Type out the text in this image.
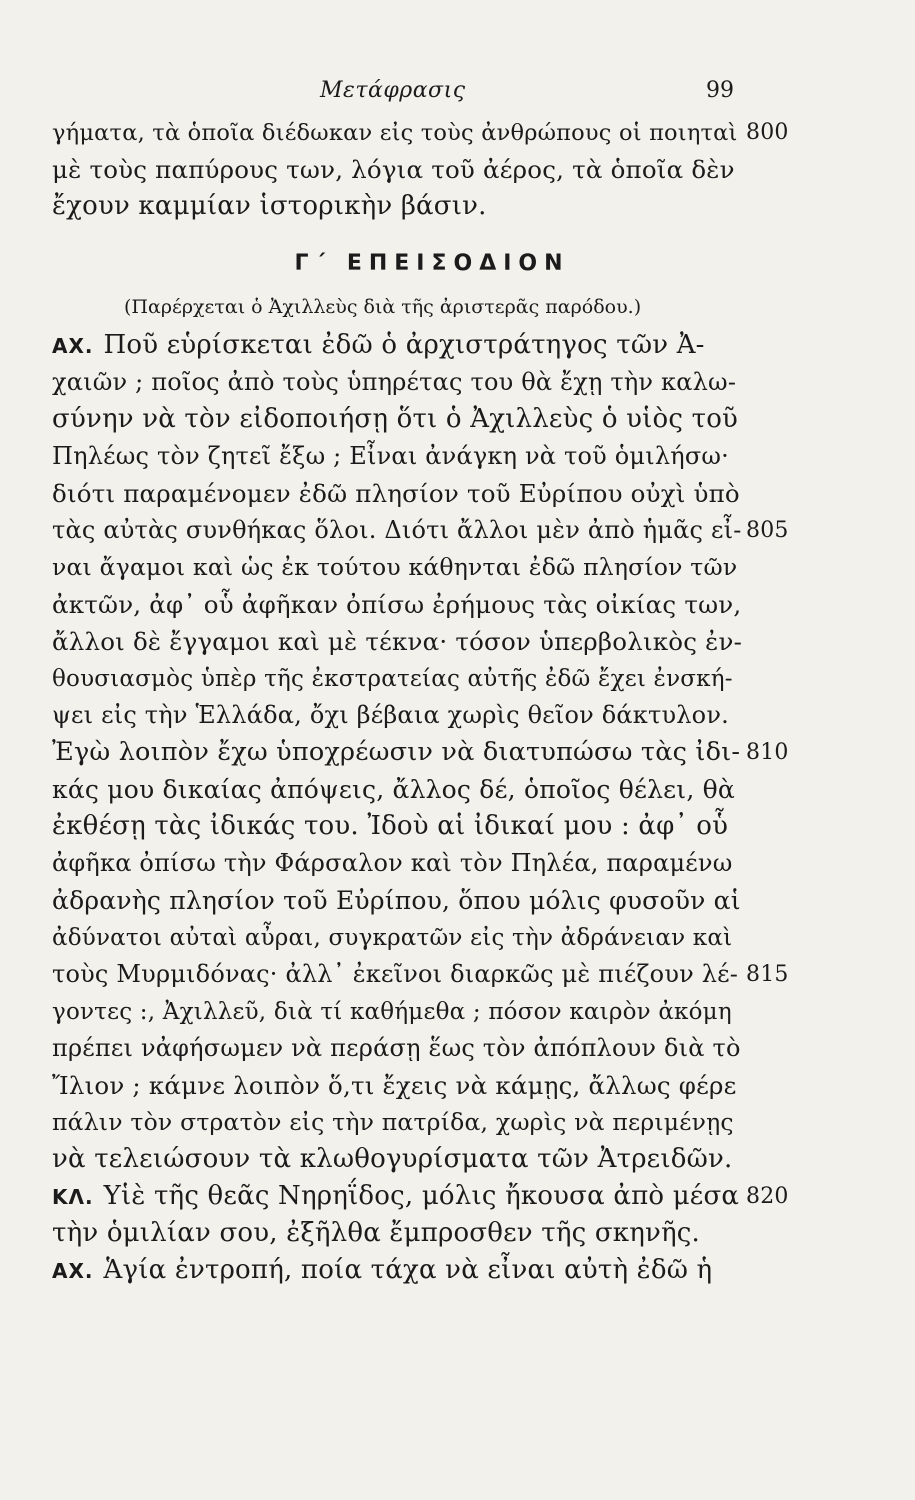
Μετάφρασις	99
γήματα, τὰ ὁποῖα διέδωκαν εἰς τοὺς ἀνθρώπους οἱ ποιηταὶ 800
μὲ τοὺς παπύρους των, λόγια τοῦ ἀέρος, τὰ ὁποῖα δὲν
ἔχουν καμμίαν ἱστορικὴν βάσιν.
Γ΄ ΕΠΕΙΣΟΔΙΟΝ
(Παρέρχεται ὁ Ἀχιλλεὺς διὰ τῆς ἀριστερᾶς παρόδου.)
ΑΧ. Ποῦ εὑρίσκεται ἐδῶ ὁ ἀρχιστράτηγος τῶν Ἀ-
χαιῶν ; ποῖος ἀπὸ τοὺς ὑπηρέτας του θὰ ἔχῃ τὴν καλω-
σύνην νὰ τὸν εἰδοποιήσῃ ὅτι ὁ Ἀχιλλεὺς ὁ υἱὸς τοῦ
Πηλέως τὸν ζητεῖ ἔξω ; Εἶναι ἀνάγκη νὰ τοῦ ὁμιλήσω·
διότι παραμένομεν ἐδῶ πλησίον τοῦ Εὐρίπου οὐχὶ ὑπὸ
τὰς αὐτὰς συνθήκας ὅλοι. Διότι ἄλλοι μὲν ἀπὸ ἡμᾶς εἶ- 805
ναι ἄγαμοι καὶ ὡς ἐκ τούτου κάθηνται ἐδῶ πλησίον τῶν
ἀκτῶν, ἀφ᾽ οὗ ἀφῆκαν ὀπίσω ἐρήμους τὰς οἰκίας των,
ἄλλοι δὲ ἔγγαμοι καὶ μὲ τέκνα· τόσον ὑπερβολικὸς ἐν-
θουσιασμὸς ὑπὲρ τῆς ἐκστρατείας αὐτῆς ἐδῶ ἔχει ἐνσκή-
ψει εἰς τὴν Ἑλλάδα, ὄχι βέβαια χωρὶς θεῖον δάκτυλον.
Ἐγὼ λοιπὸν ἔχω ὑποχρέωσιν νὰ διατυπώσω τὰς ἰδι- 810
κάς μου δικαίας ἀπόψεις, ἄλλος δέ, ὁποῖος θέλει, θὰ
ἐκθέσῃ τὰς ἰδικάς του. Ἰδοὺ αἱ ἰδικαί μου : ἀφ᾽ οὗ
ἀφῆκα ὀπίσω τὴν Φάρσαλον καὶ τὸν Πηλέα, παραμένω
ἀδρανὴς πλησίον τοῦ Εὐρίπου, ὅπου μόλις φυσοῦν αἱ
ἀδύνατοι αὐταὶ αὖραι, συγκρατῶν εἰς τὴν ἀδράνειαν καὶ
τοὺς Μυρμιδόνας· ἀλλ᾽ ἐκεῖνοι διαρκῶς μὲ πιέζουν λέ- 815
γοντες :, Ἀχιλλεῦ, διὰ τί καθήμεθα ; πόσον καιρὸν ἀκόμη
πρέπει νἀφήσωμεν νὰ περάσῃ ἕως τὸν ἀπόπλουν διὰ τὸ
Ἴλιον ; κάμνε λοιπὸν ὅ,τι ἔχεις νὰ κάμῃς, ἄλλως φέρε
πάλιν τὸν στρατὸν εἰς τὴν πατρίδα, χωρὶς νὰ περιμένῃς
νὰ τελειώσουν τὰ κλωθογυρίσματα τῶν Ἀτρειδῶν.
ΚΛ. Υἱὲ τῆς θεᾶς Νηρηΐδος, μόλις ἤκουσα ἀπὸ μέσα 820
τὴν ὁμιλίαν σου, ἐξῆλθα ἔμπροσθεν τῆς σκηνῆς.
ΑΧ. Ἁγία ἐντροπή, ποία τάχα νὰ εἶναι αὐτὴ ἐδῶ ἡ
